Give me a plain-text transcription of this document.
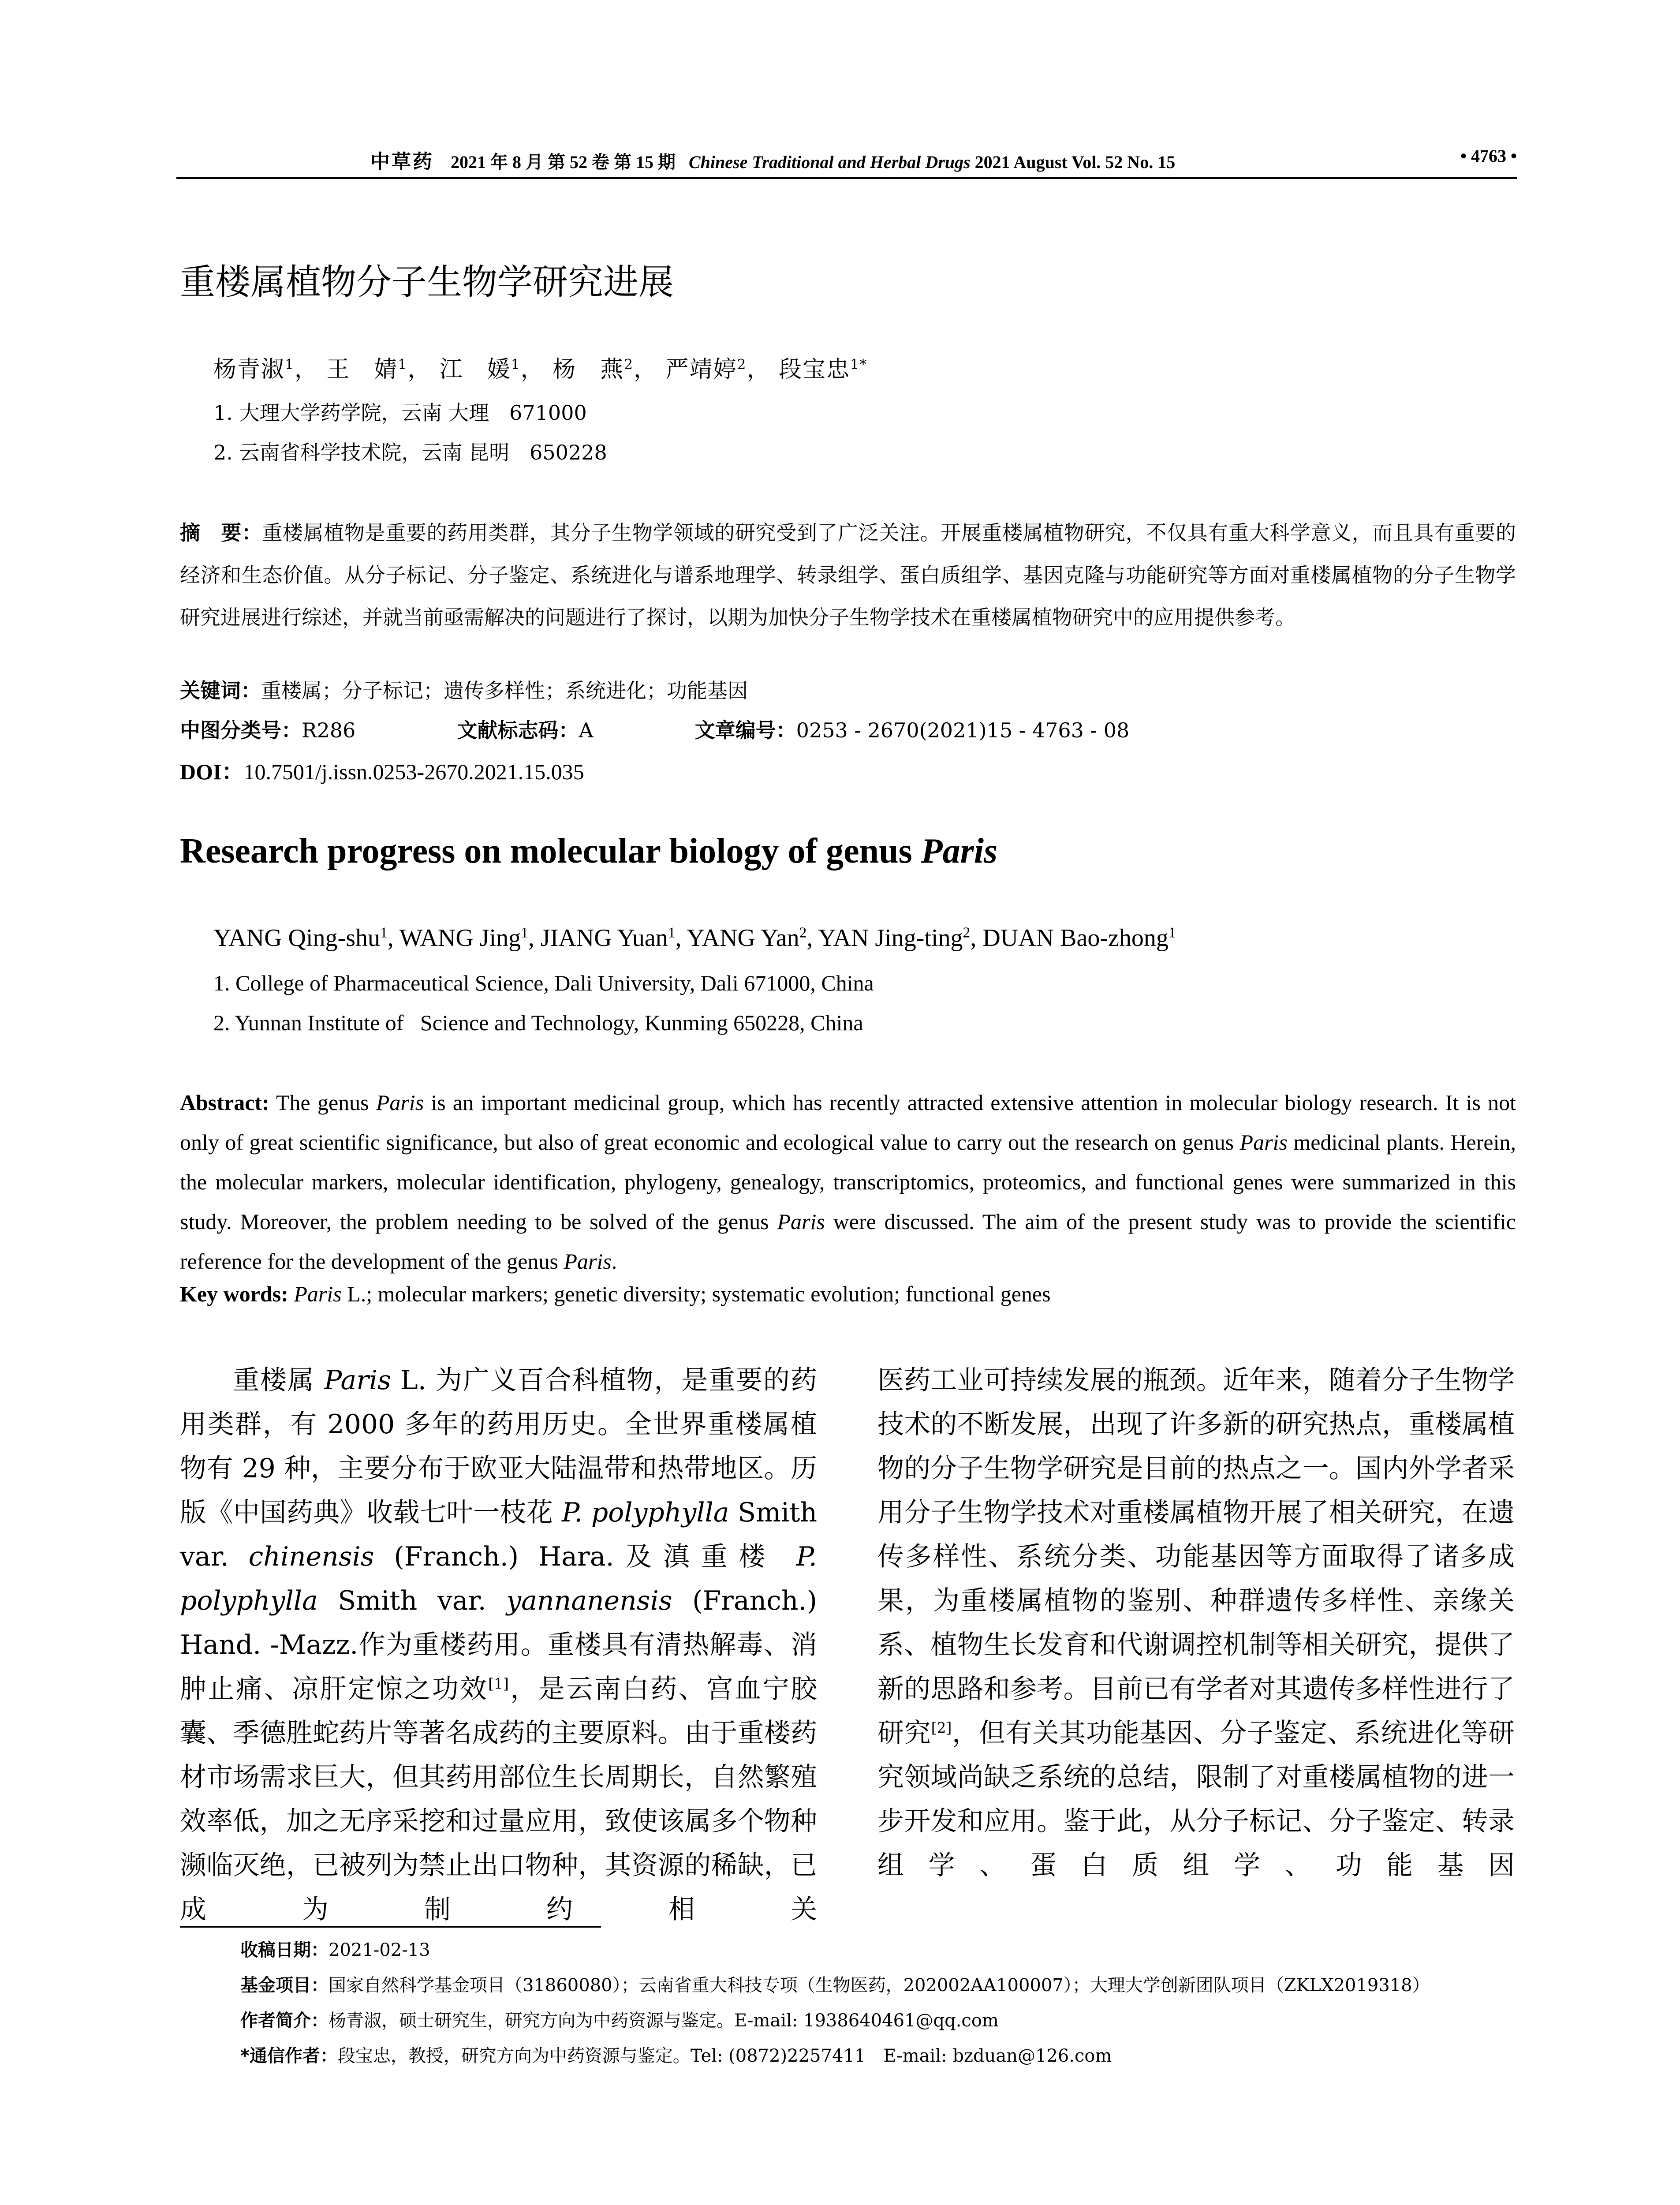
中草药 2021 年 8 月 第 52 卷 第 15 期 Chinese Traditional and Herbal Drugs 2021 August Vol. 52 No. 15	• 4763 •
重楼属植物分子生物学研究进展
杨青淑$^1$， 王　婧$^1$， 江　媛$^1$， 杨　燕$^2$， 严靖婷$^2$， 段宝忠$^{1*}$
1. 大理大学药学院，云南 大理　671000
2. 云南省科学技术院，云南 昆明　650228
摘　要：重楼属植物是重要的药用类群，其分子生物学领域的研究受到了广泛关注。开展重楼属植物研究，不仅具有重大科学意义，而且具有重要的经济和生态价值。从分子标记、分子鉴定、系统进化与谱系地理学、转录组学、蛋白质组学、基因克隆与功能研究等方面对重楼属植物的分子生物学研究进展进行综述，并就当前亟需解决的问题进行了探讨，以期为加快分子生物学技术在重楼属植物研究中的应用提供参考。
关键词：重楼属；分子标记；遗传多样性；系统进化；功能基因
中图分类号：R286	文献标志码：A	文章编号：0253 - 2670(2021)15 - 4763 - 08
DOI：10.7501/j.issn.0253-2670.2021.15.035
Research progress on molecular biology of genus Paris
YANG Qing-shu$^1$, WANG Jing$^1$, JIANG Yuan$^1$, YANG Yan$^2$, YAN Jing-ting$^2$, DUAN Bao-zhong$^1$
1. College of Pharmaceutical Science, Dali University, Dali 671000, China
2. Yunnan Institute of   Science and Technology, Kunming 650228, China
Abstract: The genus Paris is an important medicinal group, which has recently attracted extensive attention in molecular biology research. It is not only of great scientific significance, but also of great economic and ecological value to carry out the research on genus Paris medicinal plants. Herein, the molecular markers, molecular identification, phylogeny, genealogy, transcriptomics, proteomics, and functional genes were summarized in this study. Moreover, the problem needing to be solved of the genus Paris were discussed. The aim of the present study was to provide the scientific reference for the development of the genus Paris.
Key words: Paris L.; molecular markers; genetic diversity; systematic evolution; functional genes

重楼属 Paris L. 为广义百合科植物，是重要的药用类群，有 2000 多年的药用历史。全世界重楼属植物有 29 种，主要分布于欧亚大陆温带和热带地区。历版《中国药典》收载七叶一枝花 P. polyphylla Smith var. chinensis (Franch.) Hara.及滇重楼 P. polyphylla Smith var. yannanensis (Franch.) Hand. -Mazz.作为重楼药用。重楼具有清热解毒、消肿止痛、凉肝定惊之功效[1]，是云南白药、宫血宁胶囊、季德胜蛇药片等著名成药的主要原料。由于重楼药材市场需求巨大，但其药用部位生长周期长，自然繁殖效率低，加之无序采挖和过量应用，致使该属多个物种濒临灭绝，已被列为禁止出口物种，其资源的稀缺，已成为制约相关

医药工业可持续发展的瓶颈。近年来，随着分子生物学技术的不断发展，出现了许多新的研究热点，重楼属植物的分子生物学研究是目前的热点之一。国内外学者采用分子生物学技术对重楼属植物开展了相关研究，在遗传多样性、系统分类、功能基因等方面取得了诸多成果，为重楼属植物的鉴别、种群遗传多样性、亲缘关系、植物生长发育和代谢调控机制等相关研究，提供了新的思路和参考。目前已有学者对其遗传多样性进行了研究[2]，但有关其功能基因、分子鉴定、系统进化等研究领域尚缺乏系统的总结，限制了对重楼属植物的进一步开发和应用。鉴于此，从分子标记、分子鉴定、转录组学、蛋白质组学、功能基因

收稿日期：2021-02-13
基金项目：国家自然科学基金项目（31860080）；云南省重大科技专项（生物医药，202002AA100007）；大理大学创新团队项目（ZKLX2019318）
作者简介：杨青淑，硕士研究生，研究方向为中药资源与鉴定。E-mail: 1938640461@qq.com
*通信作者：段宝忠，教授，研究方向为中药资源与鉴定。Tel: (0872)2257411　E-mail: bzduan@126.com
